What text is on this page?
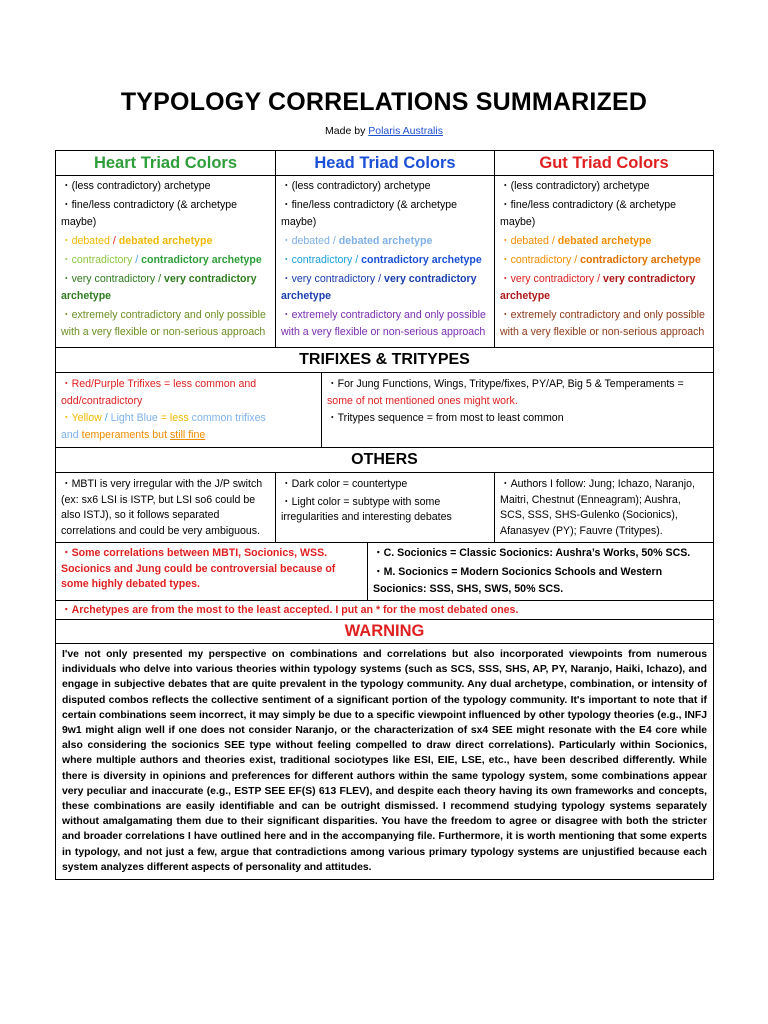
TYPOLOGY CORRELATIONS SUMMARIZED
Made by Polaris Australis
Heart Triad Colors	Head Triad Colors	Gut Triad Colors
・(less contradictory) archetype
・fine/less contradictory (& archetype maybe)
・debated / debated archetype
・contradictory / contradictory archetype
・very contradictory / very contradictory archetype
・extremely contradictory and only possible with a very flexible or non-serious approach
・(less contradictory) archetype
・fine/less contradictory (& archetype maybe)
・debated / debated archetype
・contradictory / contradictory archetype
・very contradictory / very contradictory archetype
・extremely contradictory and only possible with a very flexible or non-serious approach
・(less contradictory) archetype
・fine/less contradictory (& archetype maybe)
・debated / debated archetype
・contradictory / contradictory archetype
・very contradictory / very contradictory archetype
・extremely contradictory and only possible with a very flexible or non-serious approach
TRIFIXES & TRITYPES
・Red/Purple Trifixes = less common and odd/contradictory
・Yellow / Light Blue = less common trifixes
and temperaments but still fine
・For Jung Functions, Wings, Tritype/fixes, PY/AP, Big 5 & Temperaments = some of not mentioned ones might work.
・Tritypes sequence = from most to least common
OTHERS
・MBTI is very irregular with the J/P switch (ex: sx6 LSI is ISTP, but LSI so6 could be also ISTJ), so it follows separated correlations and could be very ambiguous.
・Dark color = countertype
・Light color = subtype with some irregularities and interesting debates
・Authors I follow: Jung; Ichazo, Naranjo, Maitri, Chestnut (Enneagram); Aushra, SCS, SSS, SHS-Gulenko (Socionics), Afanasyev (PY); Fauvre (Tritypes).
・Some correlations between MBTI, Socionics, WSS. Socionics and Jung could be controversial because of some highly debated types.
・C. Socionics = Classic Socionics: Aushra’s Works, 50% SCS.
・M. Socionics = Modern Socionics Schools and Western Socionics: SSS, SHS, SWS, 50% SCS.
・Archetypes are from the most to the least accepted. I put an * for the most debated ones.
WARNING
I've not only presented my perspective on combinations and correlations but also incorporated viewpoints from numerous individuals who delve into various theories within typology systems (such as SCS, SSS, SHS, AP, PY, Naranjo, Haiki, Ichazo), and engage in subjective debates that are quite prevalent in the typology community. Any dual archetype, combination, or intensity of disputed combos reflects the collective sentiment of a significant portion of the typology community. It's important to note that if certain combinations seem incorrect, it may simply be due to a specific viewpoint influenced by other typology theories (e.g., INFJ 9w1 might align well if one does not consider Naranjo, or the characterization of sx4 SEE might resonate with the E4 core while also considering the socionics SEE type without feeling compelled to draw direct correlations). Particularly within Socionics, where multiple authors and theories exist, traditional sociotypes like ESI, EIE, LSE, etc., have been described differently. While there is diversity in opinions and preferences for different authors within the same typology system, some combinations appear very peculiar and inaccurate (e.g., ESTP SEE EF(S) 613 FLEV), and despite each theory having its own frameworks and concepts, these combinations are easily identifiable and can be outright dismissed. I recommend studying typology systems separately without amalgamating them due to their significant disparities. You have the freedom to agree or disagree with both the stricter and broader correlations I have outlined here and in the accompanying file. Furthermore, it is worth mentioning that some experts in typology, and not just a few, argue that contradictions among various primary typology systems are unjustified because each system analyzes different aspects of personality and attitudes.
